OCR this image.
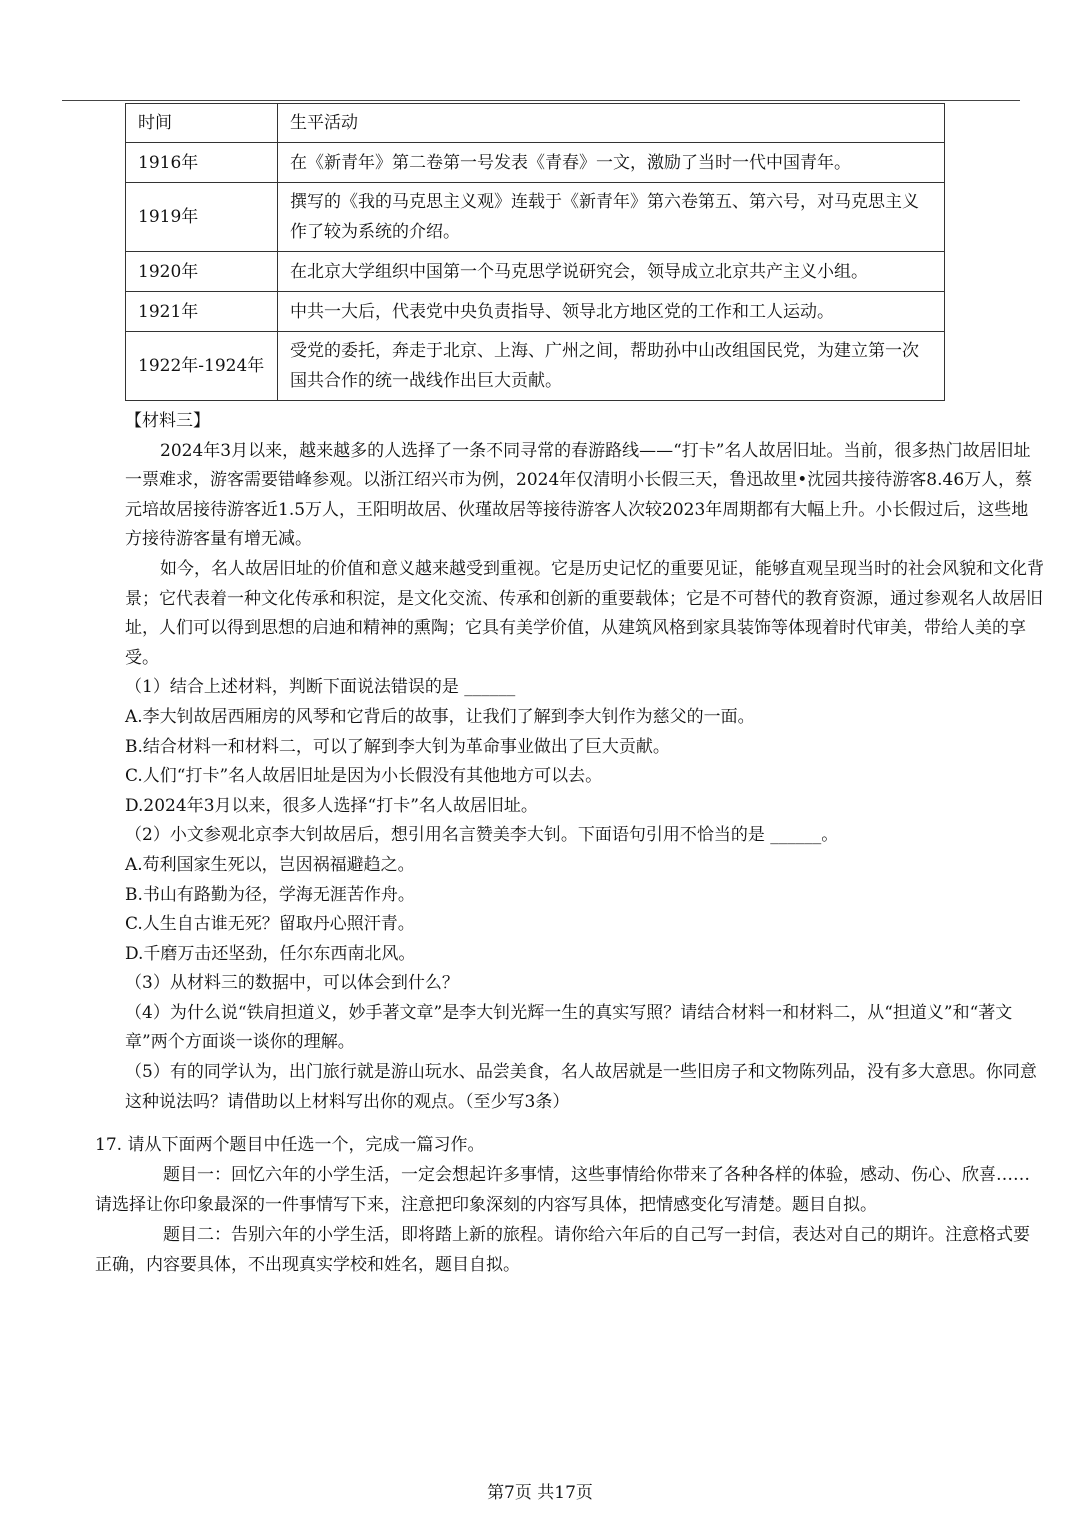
时间	生平活动
1916年	在《新青年》第二卷第一号发表《青春》一文，激励了当时一代中国青年。
1919年	撰写的《我的马克思主义观》连载于《新青年》第六卷第五、第六号，对马克思主义作了较为系统的介绍。
1920年	在北京大学组织中国第一个马克思学说研究会，领导成立北京共产主义小组。
1921年	中共一大后，代表党中央负责指导、领导北方地区党的工作和工人运动。
1922年-1924年	受党的委托，奔走于北京、上海、广州之间，帮助孙中山改组国民党，为建立第一次国共合作的统一战线作出巨大贡献。

【材料三】

2024年3月以来，越来越多的人选择了一条不同寻常的春游路线——“打卡”名人故居旧址。当前，很多热门故居旧址一票难求，游客需要错峰参观。以浙江绍兴市为例，2024年仅清明小长假三天，鲁迅故里•沈园共接待游客8.46万人，蔡元培故居接待游客近1.5万人，王阳明故居、伙瑾故居等接待游客人次较2023年周期都有大幅上升。小长假过后，这些地方接待游客量有增无减。

如今，名人故居旧址的价值和意义越来越受到重视。它是历史记忆的重要见证，能够直观呈现当时的社会风貌和文化背景；它代表着一种文化传承和积淀，是文化交流、传承和创新的重要载体；它是不可替代的教育资源，通过参观名人故居旧址，人们可以得到思想的启迪和精神的熏陶；它具有美学价值，从建筑风格到家具装饰等体现着时代审美，带给人美的享受。

（1）结合上述材料，判断下面说法错误的是 ______

A.李大钊故居西厢房的风琴和它背后的故事，让我们了解到李大钊作为慈父的一面。

B.结合材料一和材料二，可以了解到李大钊为革命事业做出了巨大贡献。

C.人们“打卡”名人故居旧址是因为小长假没有其他地方可以去。

D.2024年3月以来，很多人选择“打卡”名人故居旧址。

（2）小文参观北京李大钊故居后，想引用名言赞美李大钊。下面语句引用不恰当的是 ______。

A.苟利国家生死以，岂因祸福避趋之。

B.书山有路勤为径，学海无涯苦作舟。

C.人生自古谁无死？留取丹心照汗青。

D.千磨万击还坚劲，任尔东西南北风。

（3）从材料三的数据中，可以体会到什么？

（4）为什么说“铁肩担道义，妙手著文章”是李大钊光辉一生的真实写照？请结合材料一和材料二，从“担道义”和“著文章”两个方面谈一谈你的理解。

（5）有的同学认为，出门旅行就是游山玩水、品尝美食，名人故居就是一些旧房子和文物陈列品，没有多大意思。你同意这种说法吗？请借助以上材料写出你的观点。（至少写3条）

17. 请从下面两个题目中任选一个，完成一篇习作。

题目一：回忆六年的小学生活，一定会想起许多事情，这些事情给你带来了各种各样的体验，感动、伤心、欣喜……请选择让你印象最深的一件事情写下来，注意把印象深刻的内容写具体，把情感变化写清楚。题目自拟。

题目二：告别六年的小学生活，即将踏上新的旅程。请你给六年后的自己写一封信，表达对自己的期许。注意格式要正确，内容要具体，不出现真实学校和姓名，题目自拟。

第7页 共17页
